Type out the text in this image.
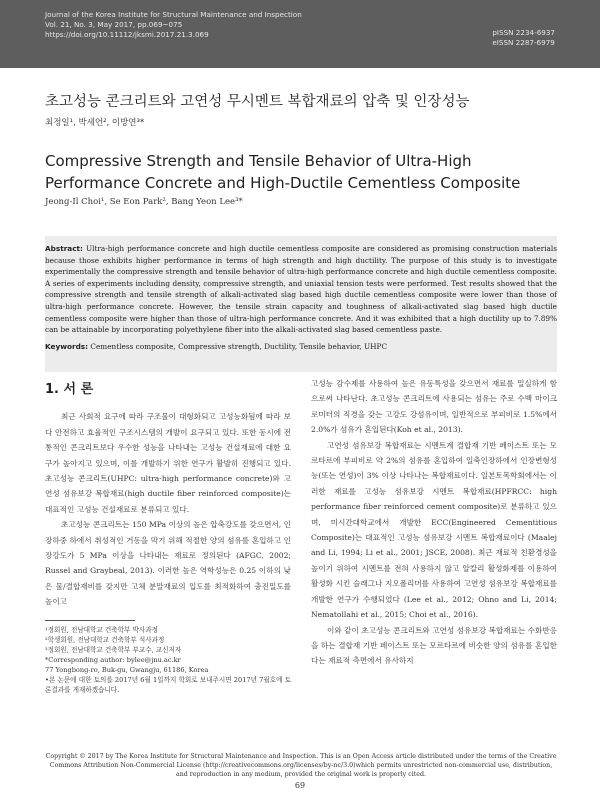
Journal of the Korea Institute for Structural Maintenance and Inspection
Vol. 21, No. 3, May 2017, pp.069~075
https://doi.org/10.11112/jksmi.2017.21.3.069	pISSN 2234-6937
eISSN 2287-6979
초고성능 콘크리트와 고연성 무시멘트 복합재료의 압축 및 인장성능
최정일¹, 박세언², 이방연³*
Compressive Strength and Tensile Behavior of Ultra-High Performance Concrete and High-Ductile Cementless Composite
Jeong-Il Choi¹, Se Eon Park², Bang Yeon Lee³*
Abstract: Ultra-high performance concrete and high ductile cementless composite are considered as promising construction materials because those exhibits higher performance in terms of high strength and high ductility. The purpose of this study is to investigate experimentally the compressive strength and tensile behavior of ultra-high performance concrete and high ductile cementless composite. A series of experiments including density, compressive strength, and uniaxial tension tests were performed. Test results showed that the compressive strength and tensile strength of alkali-activated slag based high ductile cementless composite were lower than those of ultra-high performance concrete. However, the tensile strain capacity and toughness of alkali-activated slag based high ductile cementless composite were higher than those of ultra-high performance concrete. And it was exhibited that a high ductility up to 7.89% can be attainable by incorporating polyethylene fiber into the alkali-activated slag based cementless paste.
Keywords: Cementless composite, Compressive strength, Ductility, Tensile behavior, UHPC
1. 서 론

최근 사회적 요구에 따라 구조물이 대형화되고 고성능화됨에 따라 보다 안전하고 효율적인 구조시스템의 개발이 요구되고 있다. 또한 동시에 전통적인 콘크리트보다 우수한 성능을 나타내는 고성능 건설재료에 대한 요구가 높아지고 있으며, 이를 개발하기 위한 연구가 활발히 진행되고 있다. 초고성능 콘크리트(UHPC: ultra-high performance concrete)와 고연성 섬유보강 복합재료(high ductile fiber reinforced composite)는 대표적인 고성능 건설재료로 분류되고 있다.

초고성능 콘크리트는 150 MPa 이상의 높은 압축강도를 갖으면서, 인장하중 하에서 취성적인 거동을 막기 위해 적절한 양의 섬유를 혼입하고 인장강도가 5 MPa 이상을 나타내는 재료로 정의된다 (AFGC, 2002; Russel and Graybeal, 2013). 이러한 높은 역학성능은 0.25 이하의 낮은 물/결합재비를 갖지만 고체 분말재료의 입도를 최적화하여 충진밀도를 높이고

¹정회원, 전남대학교 건축학부 박사과정
²학생회원, 전남대학교 건축학부 석사과정
³정회원, 전남대학교 건축학부 부교수, 교신저자
*Corresponding author: bylee@jnu.ac.kr
77 Yongbong-ro, Buk-gu, Gwangju, 61186, Korea
•본 논문에 대한 토의를 2017년 6월 1일까지 학회로 보내주시면 2017년 7월호에 토론결과를 게재하겠습니다.

고성능 감수제를 사용하여 높은 유동특성을 갖으면서 재료를 밀실하게 함으로써 나타난다. 초고성능 콘크리트에 사용되는 섬유는 주로 수백 마이크로미터의 직경을 갖는 고강도 강섬유이며, 일반적으로 부피비로 1.5%에서 2.0%가 섬유가 혼입된다(Koh et al., 2013).

고연성 섬유보강 복합재료는 시멘트계 결합재 기반 페이스트 또는 모르타르에 부피비로 약 2%의 섬유를 혼입하여 일축인장하에서 인장변형성능(또는 연성)이 3% 이상 나타나는 복합재료이다. 일본토목학회에서는 이러한 재료를 고성능 섬유보강 시멘트 복합재료(HPFRCC: high performance fiber reinforced cement composite)로 분류하고 있으며, 미시간대학교에서 개발한 ECC(Engineered Cementitious Composite)는 대표적인 고성능 섬유보강 시멘트 복합재료이다 (Maalej and Li, 1994; Li et al., 2001; JSCE, 2008). 최근 재료적 친환경성을 높이기 위하여 시멘트를 전혀 사용하지 않고 알칼리 활성화제를 이용하여 활성화 시킨 슬래그나 지오폴리머를 사용하여 고연성 섬유보강 복합재료를 개발한 연구가 수행되었다 (Lee et al., 2012; Ohno and Li, 2014; Nematollahi et al., 2015; Choi et al., 2016).

이와 같이 초고성능 콘크리트와 고연성 섬유보강 복합재료는 수화반응을 하는 결합재 기반 페이스트 또는 모르타르에 비슷한 양의 섬유를 혼입한다는 재료적 측면에서 유사하지

Copyright © 2017 by The Korea Institute for Structural Maintenance and Inspection. This is an Open Access article distributed under the terms of the Creative Commons Attribution Non-Commercial License (http://creativecommons.org/licenses/by-nc/3.0)which permits unrestricted non-commercial use, distribution, and reproduction in any medium, provided the original work is properly cited.
69
